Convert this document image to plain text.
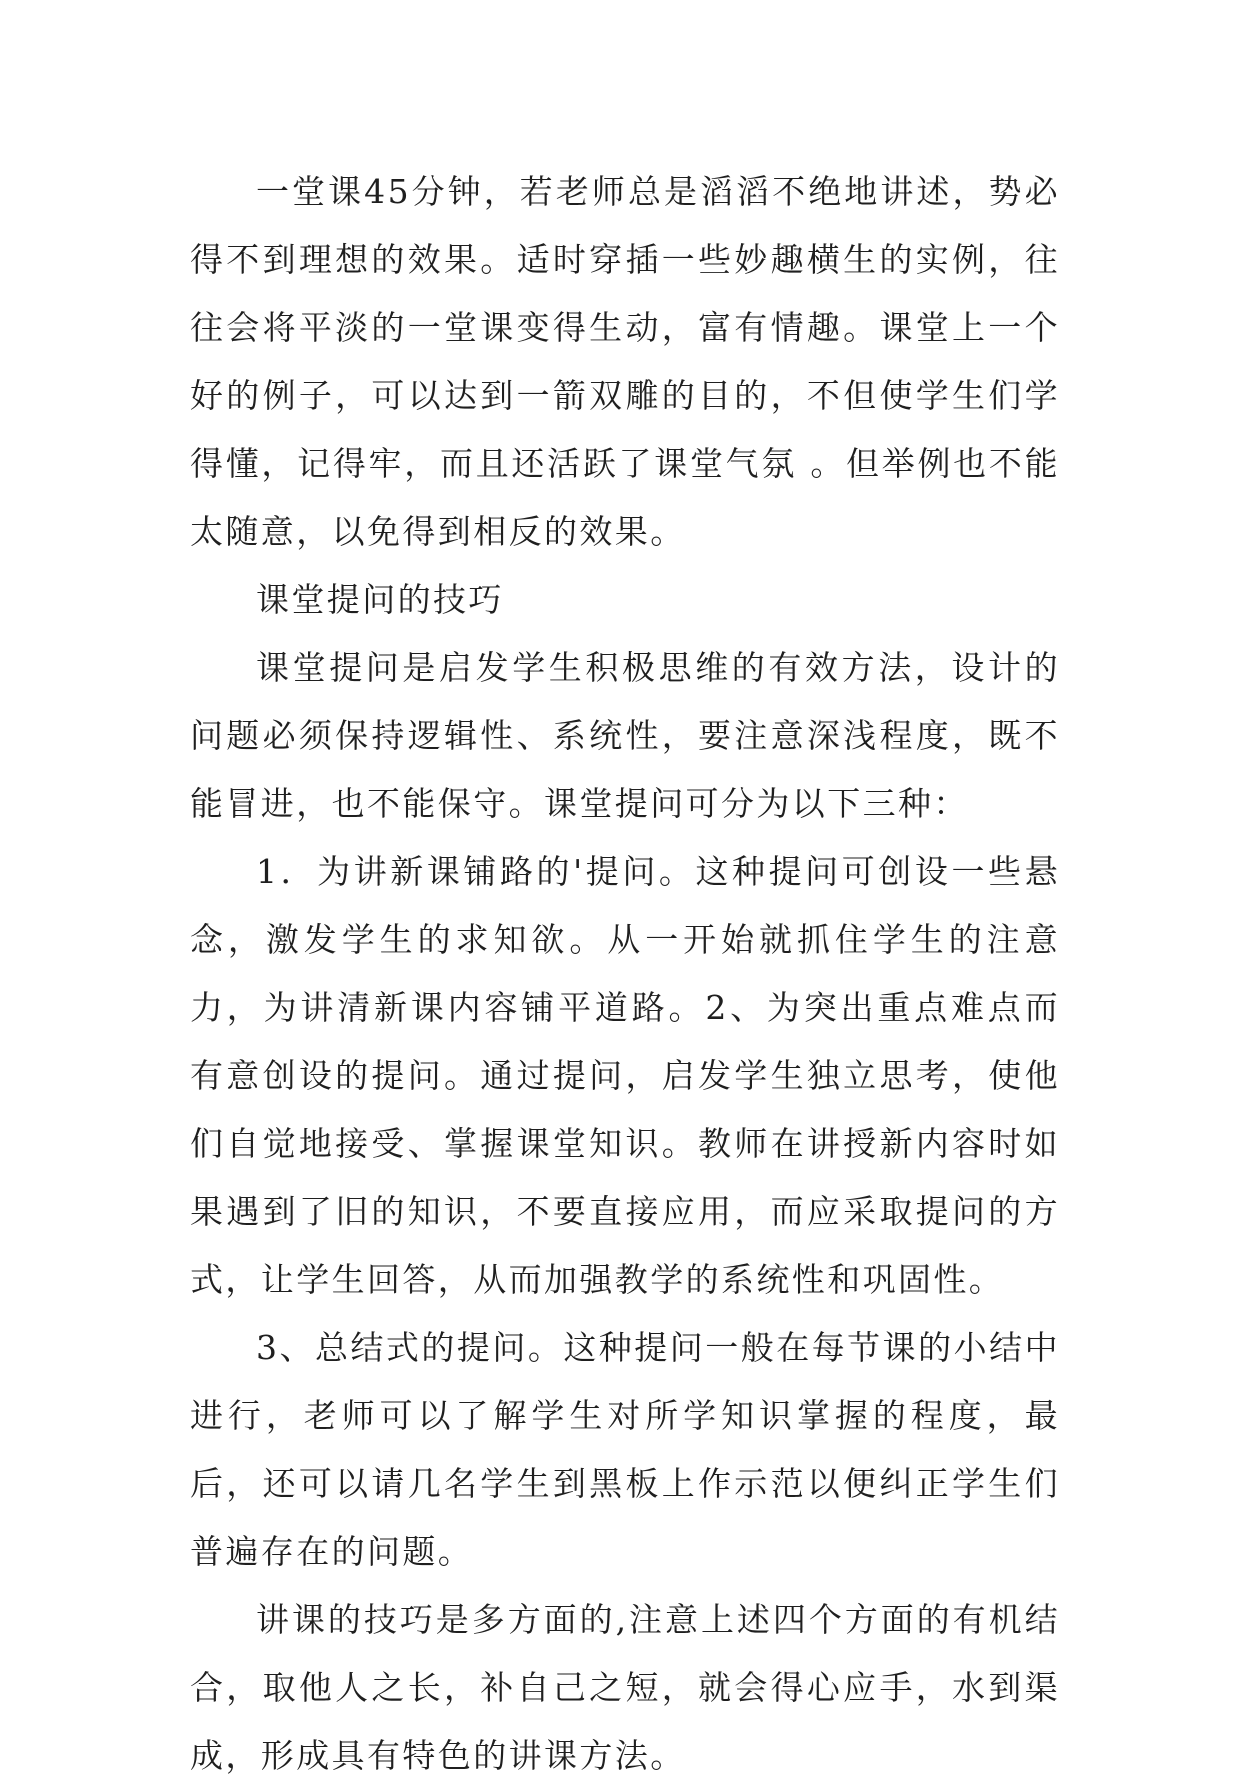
一堂课45分钟，若老师总是滔滔不绝地讲述，势必得不到理想的效果。适时穿插一些妙趣横生的实例，往往会将平淡的一堂课变得生动，富有情趣。课堂上一个好的例子，可以达到一箭双雕的目的，不但使学生们学得懂，记得牢，而且还活跃了课堂气氛 。但举例也不能太随意，以免得到相反的效果。

课堂提问的技巧

课堂提问是启发学生积极思维的有效方法，设计的问题必须保持逻辑性、系统性，要注意深浅程度，既不能冒进，也不能保守。课堂提问可分为以下三种：

1．为讲新课铺路的'提问。这种提问可创设一些悬念，激发学生的求知欲。从一开始就抓住学生的注意力，为讲清新课内容铺平道路。2、为突出重点难点而有意创设的提问。通过提问，启发学生独立思考，使他们自觉地接受、掌握课堂知识。教师在讲授新内容时如果遇到了旧的知识，不要直接应用，而应采取提问的方式，让学生回答，从而加强教学的系统性和巩固性。

3、总结式的提问。这种提问一般在每节课的小结中进行，老师可以了解学生对所学知识掌握的程度，最后，还可以请几名学生到黑板上作示范以便纠正学生们普遍存在的问题。

讲课的技巧是多方面的,注意上述四个方面的有机结合，取他人之长，补自己之短，就会得心应手，水到渠成，形成具有特色的讲课方法。
